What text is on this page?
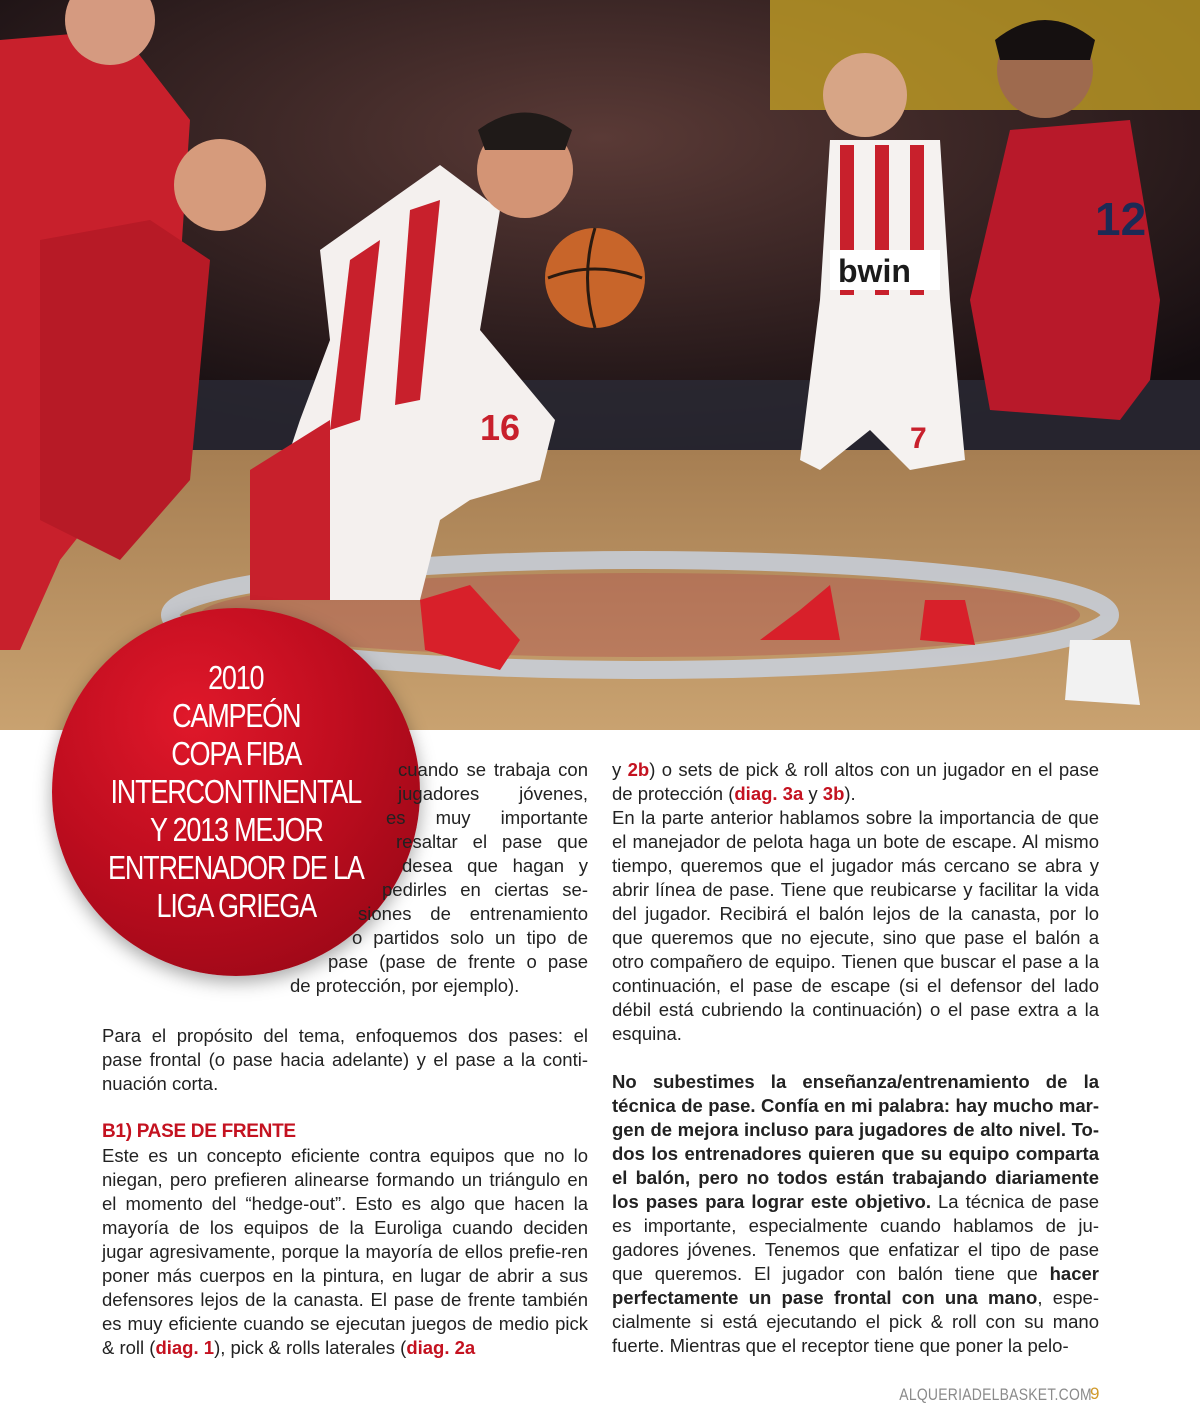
16
bwin
7
12
2010
CAMPEÓN
COPA FIBA
INTERCONTINENTAL
Y 2013 MEJOR
ENTRENADOR DE LA
LIGA GRIEGA
cuando se trabaja con
jugadores jóvenes,
es muy importante
resaltar el pase que
desea que hagan y
pedirles en ciertas se-
siones de entrenamiento
o partidos solo un tipo de
pase (pase de frente o pase
de protección, por ejemplo).

Para el propósito del tema, enfoquemos dos pases: el pase frontal (o pase hacia adelante) y el pase a la conti-nuación corta.

B1) PASE DE FRENTE

Este es un concepto eficiente contra equipos que no lo niegan, pero prefieren alinearse formando un triángulo en el momento del “hedge-out”. Esto es algo que hacen la mayoría de los equipos de la Euroliga cuando deciden jugar agresivamente, porque la mayoría de ellos prefie-ren poner más cuerpos en la pintura, en lugar de abrir a sus defensores lejos de la canasta. El pase de frente también es muy eficiente cuando se ejecutan juegos de medio pick & roll (diag. 1), pick & rolls laterales (diag. 2a

y 2b) o sets de pick & roll altos con un jugador en el pase de protección (diag. 3a y 3b).

En la parte anterior hablamos sobre la importancia de que el manejador de pelota haga un bote de escape. Al mismo tiempo, queremos que el jugador más cercano se abra y abrir línea de pase. Tiene que reubicarse y facilitar la vida del jugador. Recibirá el balón lejos de la canasta, por lo que queremos que no ejecute, sino que pase el balón a otro compañero de equipo. Tienen que buscar el pase a la continuación, el pase de escape (si el defensor del lado débil está cubriendo la continuación) o el pase extra a la esquina.

No subestimes la enseñanza/entrenamiento de la técnica de pase. Confía en mi palabra: hay mucho mar-gen de mejora incluso para jugadores de alto nivel. To-dos los entrenadores quieren que su equipo comparta el balón, pero no todos están trabajando diariamente los pases para lograr este objetivo. La técnica de pase es importante, especialmente cuando hablamos de ju-gadores jóvenes. Tenemos que enfatizar el tipo de pase que queremos. El jugador con balón tiene que hacer perfectamente un pase frontal con una mano, espe-cialmente si está ejecutando el pick & roll con su mano fuerte. Mientras que el receptor tiene que poner la pelo-

ALQUERIADELBASKET.COM
9
